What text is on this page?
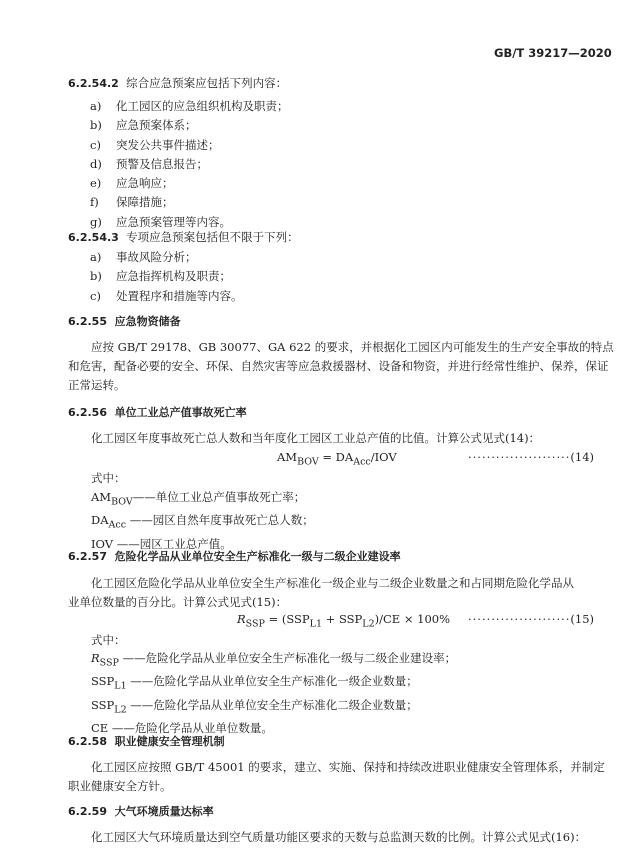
GB/T 39217—2020
6.2.54.2 综合应急预案应包括下列内容：
a) 化工园区的应急组织机构及职责；
b) 应急预案体系；
c) 突发公共事件描述；
d) 预警及信息报告；
e) 应急响应；
f) 保障措施；
g) 应急预案管理等内容。
6.2.54.3 专项应急预案包括但不限于下列：
a) 事故风险分析；
b) 应急指挥机构及职责；
c) 处置程序和措施等内容。
6.2.55 应急物资储备
应按 GB/T 29178、GB 30077、GA 622 的要求，并根据化工园区内可能发生的生产安全事故的特点
和危害，配备必要的安全、环保、自然灾害等应急救援器材、设备和物资，并进行经常性维护、保养，保证
正常运转。
6.2.56 单位工业总产值事故死亡率
化工园区年度事故死亡总人数和当年度化工园区工业总产值的比值。计算公式见式(14)：
$AM_{BOV} = DA_{Acc}/IOV$	······················(14)
式中：
$AM_{BOV}——$单位工业总产值事故死亡率；
$DA_{Acc}$ ——园区自然年度事故死亡总人数；
IOV ——园区工业总产值。
6.2.57 危险化学品从业单位安全生产标准化一级与二级企业建设率
化工园区危险化学品从业单位安全生产标准化一级企业与二级企业数量之和占同期危险化学品从
业单位数量的百分比。计算公式见式(15)：
$R_{SSP} = (SSP_{L1} + SSP_{L2})/CE \times 100\% \cdot\cdot\cdot\cdot\cdot\cdot\cdot\cdot\cdot\cdot\cdot\cdot\cdot\cdot\cdot\cdot\cdot\cdot\cdot\cdot\cdot\cdot(15)$
式中：
$R_{SSP}$ ——危险化学品从业单位安全生产标准化一级与二级企业建设率；
$SSP_{L1}$ ——危险化学品从业单位安全生产标准化一级企业数量；
$SSP_{L2}$ ——危险化学品从业单位安全生产标准化二级企业数量；
CE ——危险化学品从业单位数量。
6.2.58 职业健康安全管理机制
化工园区应按照 GB/T 45001 的要求，建立、实施、保持和持续改进职业健康安全管理体系，并制定
职业健康安全方针。
6.2.59 大气环境质量达标率
化工园区大气环境质量达到空气质量功能区要求的天数与总监测天数的比例。计算公式见式(16)：
